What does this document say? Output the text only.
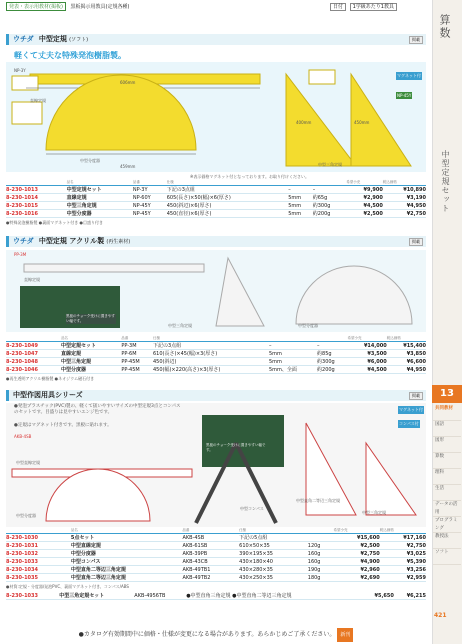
算数
中型定規セット
13
共同教材
国語
図形
算数
理科
生活
データの活用
プログラミング
教授法
ソフト
421
発表・表示用教材(掲板) 黒板掲示用教具(定規各種)	日付 1学級あたり1教具
ウチダ 中型定規 (ソフト)	掲載
軽くて丈夫な特殊発泡樹脂製。
NP-3Y
直線定規
606mm
中型分度器
459mm	中型三角定規
400mm	450mm
マグネット付
NP-45Y
※表示価格マグネット付となっております。お取り付けください。
	品名	品番	仕様			希望小売	税込価格
8-230-1013	中型定規セット	NP-3Y	下記の3点組	–	–	¥9,900	¥10,890
8-230-1014	直線定規	NP-60Y	605(長さ)×50(幅)×6(厚さ)	5mm	約65g	¥2,900	¥3,190
8-230-1015	中型三角定規	NP-45Y	450(斜辺)×6(厚さ)	5mm	約300g	¥4,500	¥4,950
8-230-1016	中型分度器	NP-45Y	450(直径)×6(厚さ)	5mm	約200g	¥2,500	¥2,750
●特殊発泡樹脂製 ●裏面マグネット付き ●目盛り付き
ウチダ 中型定規 アクリル製 (再生素材)	掲載
PP-3M
直線定規
黒板のチョーク受けに置きやすい幅です。
中型三角定規	中型分度器
	品名	品番	仕様			希望小売	税込価格
8-230-1049	中型定規セット	PP-3M	下記の3点組	–	–	¥14,000	¥15,400
8-230-1047	直線定規	PP-6M	610(長さ)×45(幅)×3(厚さ)	5mm	約85g	¥3,500	¥3,850
8-230-1048	中型三角定規	PP-45M	450(斜辺)	5mm	約300g	¥6,000	¥6,600
8-230-1046	中型分度器	PP-45M	450(幅)×220(高さ)×3(厚さ)	5mm、全面	約200g	¥4,500	¥4,950
●再生透明アクリル樹脂製 ●ネオジウム磁石付き
中型作図用具シリーズ	掲載
●発泡プラスチック(PVC)製の、軽くて扱いやすいサイズの中型定規3点とコンパスのセットです。目盛りは見やすいエンジ色です。
●定規はマグネット付きです。黒板に貼れます。
AKB-4SB
黒板のチョーク受けに置きやすい幅です。
中型直線定規
中型分度器
中型コンパス
中型直角二等辺三角定規
中型三角定規
マグネット付
コンパス付
	品名	品番	仕様			希望小売	税込価格
8-230-1030	5点セット	AKB-4SB	下記の5点組			¥15,600	¥17,160
8-230-1031	中型直線定規	AKB-61SB	610×50×35		120g	¥2,500	¥2,750
8-230-1032	中型分度器	AKB-39PB	390×195×35		160g	¥2,750	¥3,025
8-230-1033	中型コンパス	AKB-43CB	430×180×40		160g	¥4,900	¥5,390
8-230-1034	中型直角二等辺三角定規	AKB-49TB1	430×280×35		190g	¥2,960	¥3,256
8-230-1035	中型直角二等辺三角定規	AKB-49TB2	430×250×35		180g	¥2,690	¥2,959
●材質:定規・分度器/発泡PVC、裏面マグネット付き、コンパス/ABS
8-230-1033	中型三角定規セット	AKB-4956TB	●中型直角三角定規 ●中型直角二等辺三角定規	¥5,650	¥6,215
●カタログ有効期間中に価格・仕様が変更になる場合があります。あらかじめご了承ください。 新刊
